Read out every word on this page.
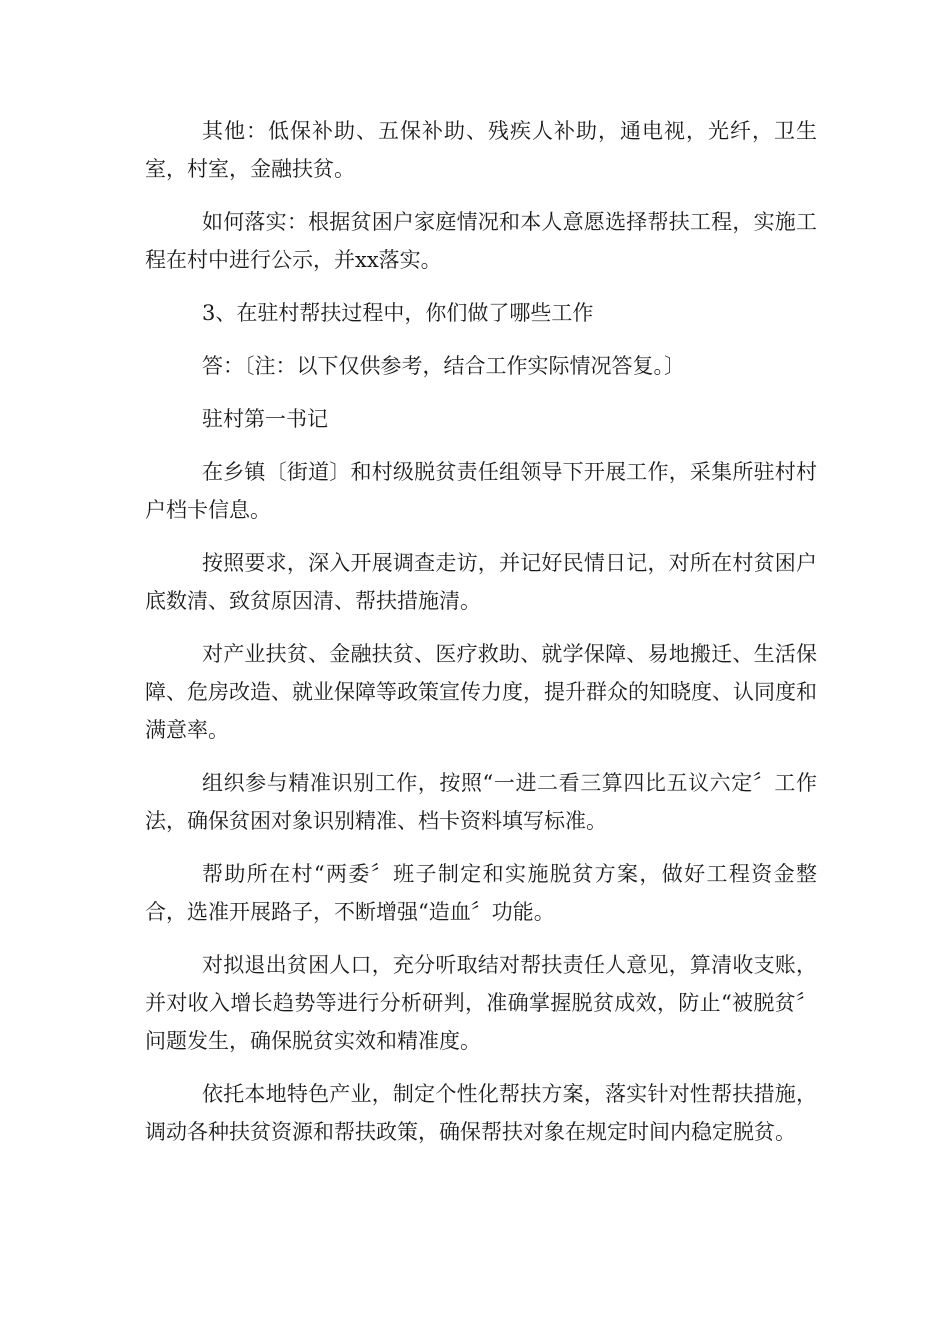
其他：低保补助、五保补助、残疾人补助，通电视，光纤，卫生室，村室，金融扶贫。

如何落实：根据贫困户家庭情况和本人意愿选择帮扶工程，实施工程在村中进行公示，并xx落实。

3、在驻村帮扶过程中，你们做了哪些工作

答：〔注：以下仅供参考，结合工作实际情况答复。〕

驻村第一书记

在乡镇〔街道〕和村级脱贫责任组领导下开展工作，采集所驻村村户档卡信息。

按照要求，深入开展调查走访，并记好民情日记，对所在村贫困户底数清、致贫原因清、帮扶措施清。

对产业扶贫、金融扶贫、医疗救助、就学保障、易地搬迁、生活保障、危房改造、就业保障等政策宣传力度，提升群众的知晓度、认同度和满意率。

组织参与精准识别工作，按照“一进二看三算四比五议六定〞工作法，确保贫困对象识别精准、档卡资料填写标准。

帮助所在村“两委〞班子制定和实施脱贫方案，做好工程资金整合，选准开展路子，不断增强“造血〞功能。

对拟退出贫困人口，充分听取结对帮扶责任人意见，算清收支账，并对收入增长趋势等进行分析研判，准确掌握脱贫成效，防止“被脱贫〞问题发生，确保脱贫实效和精准度。

依托本地特色产业，制定个性化帮扶方案，落实针对性帮扶措施，调动各种扶贫资源和帮扶政策，确保帮扶对象在规定时间内稳定脱贫。
